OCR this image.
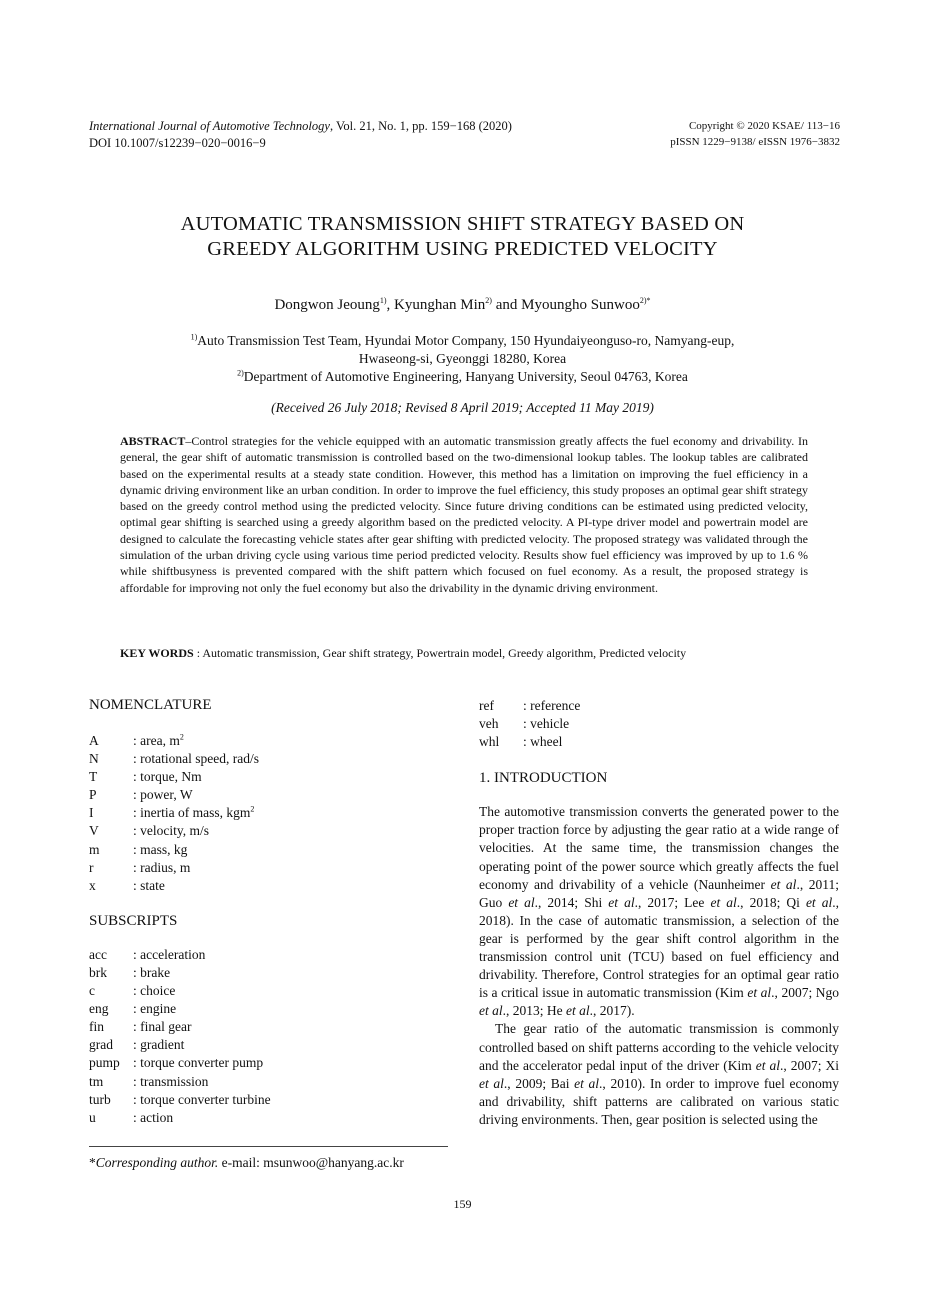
International Journal of Automotive Technology, Vol. 21, No. 1, pp. 159−168 (2020)
DOI 10.1007/s12239−020−0016−9
Copyright © 2020 KSAE/ 113−16
pISSN 1229−9138/ eISSN 1976−3832
AUTOMATIC TRANSMISSION SHIFT STRATEGY BASED ON
GREEDY ALGORITHM USING PREDICTED VELOCITY
Dongwon Jeoung$^{1)}$, Kyunghan Min$^{2)}$ and Myoungho Sunwoo$^{2)*}$
$^{1)}$Auto Transmission Test Team, Hyundai Motor Company, 150 Hyundaiyeonguso-ro, Namyang-eup,
Hwaseong-si, Gyeonggi 18280, Korea
$^{2)}$Department of Automotive Engineering, Hanyang University, Seoul 04763, Korea
(Received 26 July 2018; Revised 8 April 2019; Accepted 11 May 2019)
ABSTRACT–Control strategies for the vehicle equipped with an automatic transmission greatly affects the fuel economy and drivability. In general, the gear shift of automatic transmission is controlled based on the two-dimensional lookup tables. The lookup tables are calibrated based on the experimental results at a steady state condition. However, this method has a limitation on improving the fuel efficiency in a dynamic driving environment like an urban condition. In order to improve the fuel efficiency, this study proposes an optimal gear shift strategy based on the greedy control method using the predicted velocity. Since future driving conditions can be estimated using predicted velocity, optimal gear shifting is searched using a greedy algorithm based on the predicted velocity. A PI-type driver model and powertrain model are designed to calculate the forecasting vehicle states after gear shifting with predicted velocity. The proposed strategy was validated through the simulation of the urban driving cycle using various time period predicted velocity. Results show fuel efficiency was improved by up to 1.6 % while shiftbusyness is prevented compared with the shift pattern which focused on fuel economy. As a result, the proposed strategy is affordable for improving not only the fuel economy but also the drivability in the dynamic driving environment.
KEY WORDS : Automatic transmission, Gear shift strategy, Powertrain model, Greedy algorithm, Predicted velocity
NOMENCLATURE
A	: area, $m^2$
N	: rotational speed, rad/s
T	: torque, Nm
P	: power, W
I	: inertia of mass, kgm$^2$
V	: velocity, m/s
m	: mass, kg
r	: radius, m
x	: state
SUBSCRIPTS
acc	: acceleration
brk	: brake
c	: choice
eng	: engine
fin	: final gear
grad	: gradient
pump : torque converter pump
tm	: transmission
turb	: torque converter turbine
u	: action
*Corresponding author. e-mail: msunwoo@hanyang.ac.kr
ref	: reference
veh	: vehicle
whl	: wheel
1. INTRODUCTION

The automotive transmission converts the generated power to the proper traction force by adjusting the gear ratio at a wide range of velocities. At the same time, the transmission changes the operating point of the power source which greatly affects the fuel economy and drivability of a vehicle (Naunheimer et al., 2011; Guo et al., 2014; Shi et al., 2017; Lee et al., 2018; Qi et al., 2018). In the case of automatic transmission, a selection of the gear is performed by the gear shift control algorithm in the transmission control unit (TCU) based on fuel efficiency and drivability. Therefore, Control strategies for an optimal gear ratio is a critical issue in automatic transmission (Kim et al., 2007; Ngo et al., 2013; He et al., 2017).

The gear ratio of the automatic transmission is commonly controlled based on shift patterns according to the vehicle velocity and the accelerator pedal input of the driver (Kim et al., 2007; Xi et al., 2009; Bai et al., 2010). In order to improve fuel economy and drivability, shift patterns are calibrated on various static driving environments. Then, gear position is selected using the

159
